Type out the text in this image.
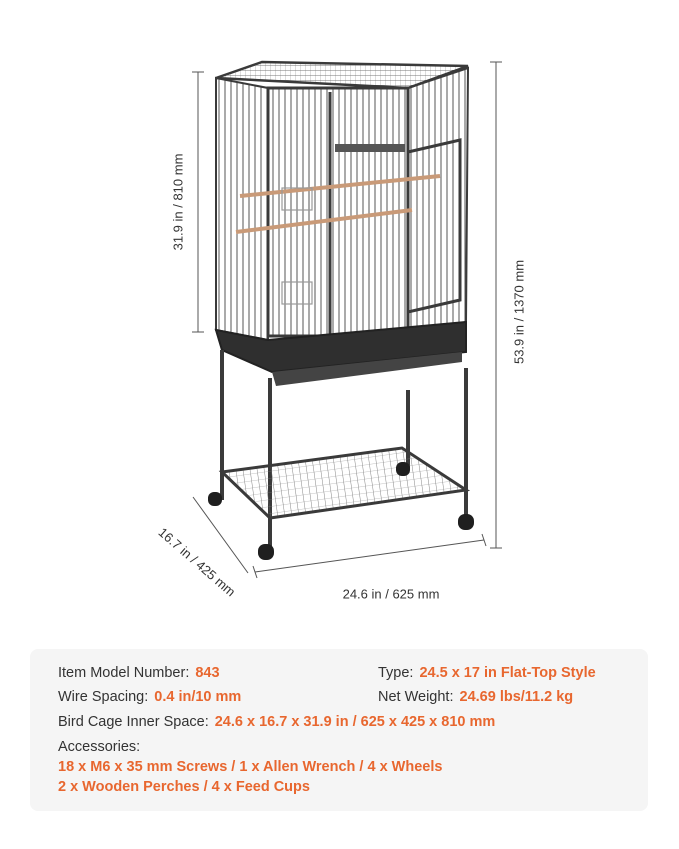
31.9 in / 810 mm
53.9 in / 1370 mm
24.6 in / 625 mm
16.7 in / 425 mm
Item Model Number: 843	Type: 24.5 x 17 in Flat-Top Style
Wire Spacing: 0.4 in/10 mm	Net Weight: 24.69 lbs/11.2 kg
Bird Cage Inner Space: 24.6 x 16.7 x 31.9 in / 625 x 425 x 810 mm
Accessories:
18 x M6 x 35 mm Screws / 1 x Allen Wrench / 4 x Wheels
2 x Wooden Perches / 4 x Feed Cups
